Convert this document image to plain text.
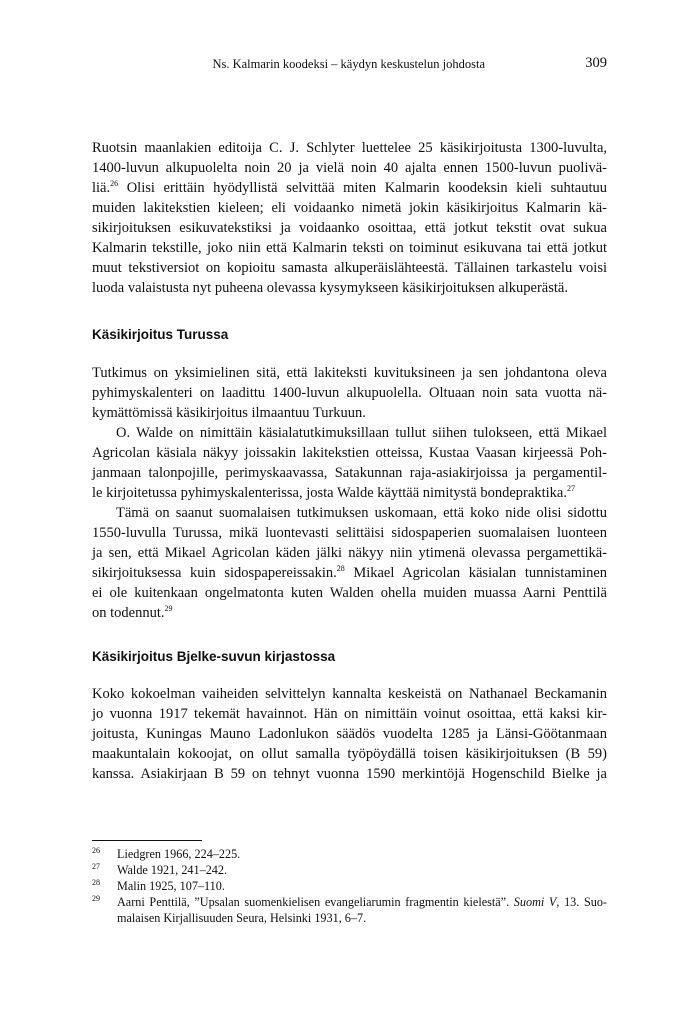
Ns. Kalmarin koodeksi – käydyn keskustelun johdosta	309
Ruotsin maanlakien editoija C. J. Schlyter luettelee 25 käsikirjoitusta 1300-luvulta,
1400-luvun alkupuolelta noin 20 ja vielä noin 40 ajalta ennen 1500-luvun puolivä-
liä.$^{26}$ Olisi erittäin hyödyllistä selvittää miten Kalmarin koodeksin kieli suhtautuu
muiden lakitekstien kieleen; eli voidaanko nimetä jokin käsikirjoitus Kalmarin kä-
sikirjoituksen esikuvatekstiksi ja voidaanko osoittaa, että jotkut tekstit ovat sukua
Kalmarin tekstille, joko niin että Kalmarin teksti on toiminut esikuvana tai että jotkut
muut tekstiversiot on kopioitu samasta alkuperäislähteestä. Tällainen tarkastelu voisi
luoda valaistusta nyt puheena olevassa kysymykseen käsikirjoituksen alkuperästä.
Käsikirjoitus Turussa
Tutkimus on yksimielinen sitä, että lakiteksti kuvituksineen ja sen johdantona oleva
pyhimyskalenteri on laadittu 1400-luvun alkupuolella. Oltuaan noin sata vuotta nä-
kymättömissä käsikirjoitus ilmaantuu Turkuun.
O. Walde on nimittäin käsialatutkimuksillaan tullut siihen tulokseen, että Mikael
Agricolan käsiala näkyy joissakin lakitekstien otteissa, Kustaa Vaasan kirjeessä Poh-
janmaan talonpojille, perimyskaavassa, Satakunnan raja-asiakirjoissa ja pergamentil-
le kirjoitetussa pyhimyskalenterissa, josta Walde käyttää nimitystä bondepraktika.$^{27}$
Tämä on saanut suomalaisen tutkimuksen uskomaan, että koko nide olisi sidottu
1550-luvulla Turussa, mikä luontevasti selittäisi sidospaperien suomalaisen luonteen
ja sen, että Mikael Agricolan käden jälki näkyy niin ytimenä olevassa pergamettikä-
sikirjoituksessa kuin sidospapereissakin.$^{28}$ Mikael Agricolan käsialan tunnistaminen
ei ole kuitenkaan ongelmatonta kuten Walden ohella muiden muassa Aarni Penttilä
on todennut.$^{29}$
Käsikirjoitus Bjelke-suvun kirjastossa
Koko kokoelman vaiheiden selvittelyn kannalta keskeistä on Nathanael Beckamanin
jo vuonna 1917 tekemät havainnot. Hän on nimittäin voinut osoittaa, että kaksi kir-
joitusta, Kuningas Mauno Ladonlukon säädös vuodelta 1285 ja Länsi-Göötanmaan
maakuntalain kokoojat, on ollut samalla työpöydällä toisen käsikirjoituksen (B 59)
kanssa. Asiakirjaan B 59 on tehnyt vuonna 1590 merkintöjä Hogenschild Bielke ja
26 Liedgren 1966, 224–225.
27 Walde 1921, 241–242.
28 Malin 1925, 107–110.
29 Aarni Penttilä, ”Upsalan suomenkielisen evangeliarumin fragmentin kielestä”. Suomi V, 13. Suo-
malaisen Kirjallisuuden Seura, Helsinki 1931, 6–7.
